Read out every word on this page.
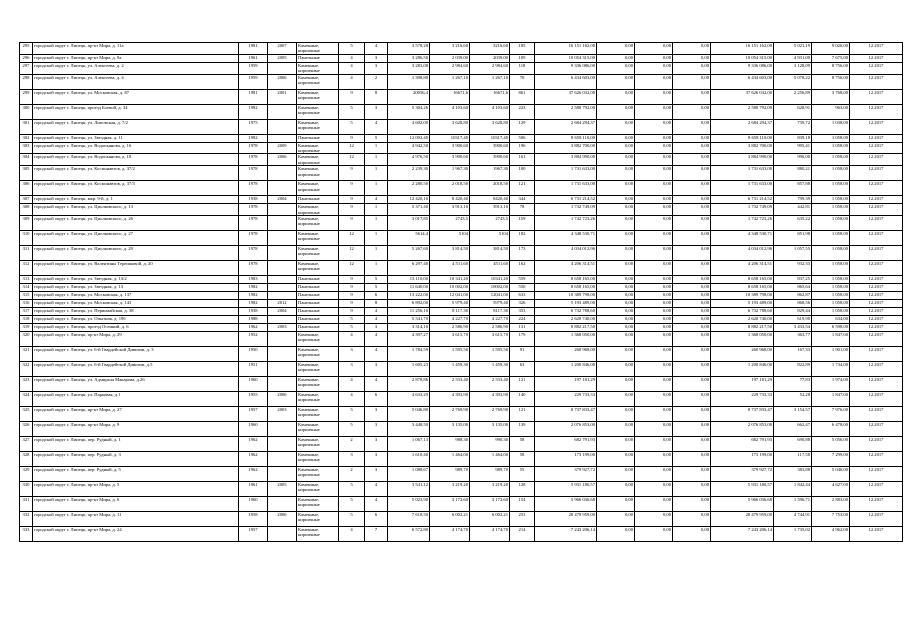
295	городской округ г. Липецк, пр-кт Мира, д. 11а	1981	2007	Каменные, кирпичные	5	4	3 578,28	3 216,60	3216,60	185	16 151 162,00	0,00	0,00	0,00	16 151 162,00	5 021,19	9 026,00	12.2017
296	городской округ г. Липецк, пр-кт Мира, д. 9а	1961	2005	Панельные	4	3	3 286,50	2 039,00	2039,00	109	10 054 315,00	0,00	0,00	0,00	10 054 315,00	4 931,00	7 675,00	12.2017
297	городской округ г. Липецк, ул. Алексеева, д. 2	1959		Каменные, кирпичные	4	3	3 283,08	2 984,60	2 984,60	118	9 336 086,00	0,00	0,00	0,00	9 336 086,00	3 128,09	8 756,00	12.2017
298	городской округ г. Липецк, ул. Алексеева, д. 4	1959	2006	Каменные, кирпичные	4	2	1 398,80	1 267,10	1 267,10	70	6 434 603,00	0,00	0,00	0,00	6 434 603,00	5 078,22	8 756,00	12.2017
299	городской округ г. Липецк, ул. Московская, д. 87	1981	2001	Каменные, кирпичные	9	8	20056,4	16671,6	16671,6	861	37 626 032,00	0,00	0,00	0,00	37 626 032,00	2 256,89	3 768,00	12.2017
300	городской округ г. Липецк, проезд Боевой, д. 34	1982		Каменные, кирпичные	5	3	5 304,26	4 103,60	4 103,60	223	2 580 792,00	0,00	0,00	0,00	2 580 792,00	628,91	963,00	12.2017
301	городской округ г. Липецк, ул. Липовская, д. 7/2	1975		Каменные, кирпичные	5	4	4 602,00	3 628,80	3 628,80	129	2 684 294,37	0,00	0,00	0,00	2 684 294,37	739,72	1 038,00	12.2017
302	городской округ г. Липецк, ул. Звездная, д. 11	1982		Панельные	9	5	12 002,40	10317,40	10317,40	506	8 658 110,00	0,00	0,00	0,00	8 658 110,00	839,18	1 058,00	12.2017
303	городской округ г. Липецк, ул. Водопьянова, д. 16	1978	2009	Каменные, кирпичные	12	1	4 942,50	3 900,60	3900,60	196	3 882 700,00	0,00	0,00	0,00	3 882 700,00	995,41	1 058,00	12.2017
304	городской округ г. Липецк, ул. Водопьянова, д. 18	1978	2006	Каменные, кирпичные	12	1	4 976,50	3 900,60	3900,60	161	3 884 990,00	0,00	0,00	0,00	3 884 990,00	996,00	1 058,00	12.2017
305	городской округ г. Липецк, ул. Космонавтов, д. 37/2	1978		Каменные, кирпичные	9	1	2 239,30	1 967,30	1967,30	100	1 731 633,00	0,00	0,00	0,00	1 731 633,00	880,21	1 058,00	12.2017
306	городской округ г. Липецк, ул. Космонавтов, д. 37/3	1978		Каменные, кирпичные	9	1	2 280,50	2 018,50	2018,50	121	1 731 633,00	0,00	0,00	0,00	1 731 633,00	857,88	1 058,00	12.2017
307	городской округ г. Липецк, мкр. 9-й, д. 1	1938	2004	Панельные	9	4	12 420,10	8 420,40	8420,40	344	6 731 214,52	0,00	0,00	0,00	6 731 214,52	799,39	1 058,00	12.2017
308	городской округ г. Липецк, ул. Циолковского, д. 13	1978		Каменные, кирпичные	9	1	5 371,40	3 913,10	3913,10	78	1 732 749,09	0,00	0,00	0,00	1 732 749,09	442,81	1 058,00	12.2017
309	городской округ г. Липецк, ул. Циолковского, д. 26	1978		Каменные, кирпичные	9	1	3 017,85	2743,5	2743,5	159	1 742 723,26	0,00	0,00	0,00	1 742 723,26	635,22	1 058,00	12.2017
310	городской округ г. Липецк, ул. Циолковского, д. 27	1978		Каменные, кирпичные	12	1	5614,4	5104	5104	182	4 348 530,71	0,00	0,00	0,00	4 348 530,71	851,98	1 058,00	12.2017
311	городской округ г. Липецк, ул. Циолковского, д. 29	1978		Каменные, кирпичные	12	1	5 267,60	3 814,50	3814,50	173	4 034 012,96	0,00	0,00	0,00	4 034 012,96	1 057,55	1 058,00	12.2017
312	городской округ г. Липецк, ул. Валентины Терешковой, д. 20	1978		Каменные, кирпичные	12	1	6 297,40	4 511,60	4511,60	162	4 206 314,51	0,00	0,00	0,00	4 206 314,51	932,33	1 058,00	12.2017
313	городской округ г. Липецк, ул. Звездная, д. 13/2	1983		Панельные	9	5	13 110,00	10 341,20	10341,20	559	8 658 165,00	0,00	0,00	0,00	8 658 165,00	837,25	1 058,00	12.2017
314	городской округ г. Липецк, ул. Звездная, д. 13	1982		Панельные	9	5	11 640,00	10 002,00	10002,00	550	8 658 165,00	0,00	0,00	0,00	8 658 165,00	865,64	1 058,00	12.2017
315	городской округ г. Липецк, ул. Московская, д. 137	1982		Панельные	9	6	13 222,00	12 041,00	12041,00	633	10 389 798,00	0,00	0,00	0,00	10 389 798,00	862,87	1 058,00	12.2017
316	городской округ г. Липецк, ул. Московская, д. 143	1982	2012	Панельные	9	8	6 892,00	5 979,40	5979,40	326	5 193 489,00	0,00	0,00	0,00	5 193 489,00	868,56	1 058,00	12.2017
317	городской округ г. Липецк, ул. Первомайская, д. 38	1938	2004	Панельные	9	4	11 256,10	8 117,30	8117,30	353	6 732 788,60	0,00	0,00	0,00	6 732 788,60	829,44	1 058,00	12.2017
318	городской округ г. Липецк, ул. Опытная, д. 19б	1988		Панельные	5	4	5 541,70	4 227,70	4 227,70	224	2 620 740,00	0,00	0,00	0,00	2 620 740,00	619,90	634,00	12.2017
319	городской округ г. Липецк, проезд Осенний, д. 6	1962	2003	Панельные	5	3	3 314,10	2 586,90	2 586,90	131	8 882 217,50	0,00	0,00	0,00	8 882 217,50	3 433,54	6 598,00	12.2017
320	городской округ г. Липецк, пр-кт Мира, д. 29	1952		Каменные, кирпичные	4	4	4 397,27	3 615,70	3 615,70	179	1 368 050,00	0,00	0,00	0,00	1 368 050,00	363,77	1 847,00	12.2017
321	городской округ г. Липецк, ул. 6-й Гвардейской Дивизии, д. 3	1950		Каменные, кирпичные	3	4	1 784,59	1 595,50	1 595,50	91	260 968,00	0,00	0,00	0,00	260 968,00	167,33	1 901,00	12.2017
322	городской округ г. Липецк, ул. 6-й Гвардейской Дивизии, д.5	1951		Каменные, кирпичные	3	3	1 605,23	1 459,30	1 459,30	63	1 200 846,00	0,00	0,00	0,00	1 200 846,00	822,89	1 734,00	12.2017
323	городской округ г. Липецк, ул. Адмирала Макарова, д.26	1960		Каменные, кирпичные	4	4	2 878,86	2 533,40	2 533,40	121	197 181,29	0,00	0,00	0,00	197 181,29	77,83	1 974,00	12.2017
324	городской округ г. Липецк, ул. Парковая, д.1	1955	2006	Каменные, кирпичные	4	6	4 633,29	4 393,90	4 393,90	140	229 733,33	0,00	0,00	0,00	229 733,33	52,28	1 847,00	12.2017
325	городской округ г. Липецк, пр-кт Мира, д. 27	1957	2003	Каменные, кирпичные	5	3	5 046,80	2 769,90	2 769,90	121	8 737 833,47	0,00	0,00	0,00	8 737 833,47	3 154,57	7 976,00	12.2017
326	городской округ г. Липецк, пр-кт Мира, д. 9	1960		Каменные, кирпичные	5	3	3 448,50	3 135,00	3 135,00	139	2 076 853,00	0,00	0,00	0,00	2 076 853,00	662,47	6 478,00	12.2017
327	городской округ г. Липецк, пер. Рудный, д. 1	1962		Каменные, кирпичные	2	3	1 067,13	988,30	990,30	58	682 791,93	0,00	0,00	0,00	682 791,93	690,88	5 056,00	12.2017
328	городской округ г. Липецк, пер. Рудный, д. 3	1962		Каменные, кирпичные	3	3	1 610,40	1 464,00	1 464,00	58	173 199,00	0,00	0,00	0,00	173 199,00	117,58	7 299,00	12.2017
329	городской округ г. Липецк, пер. Рудный, д. 5	1962		Каменные, кирпичные	2	3	1 088,67	989,70	989,70	55	379 927,72	0,00	0,00	0,00	379 927,72	383,88	5 046,00	12.2017
330	городской округ г. Липецк, пр-кт Мира, д. 5	1961	2005	Каменные, кирпичные	5	4	3 541,12	3 219,20	3 219,20	128	5 931 180,57	0,00	0,00	0,00	5 931 180,57	1 842,44	4 627,00	12.2017
331	городской округ г. Липецк, пр-кт Мира, д. 6	1960		Каменные, кирпичные	5	4	5 023,90	3 172,60	3 172,60	154	5 966 036,68	0,00	0,00	0,00	5 966 036,68	1 596,71	2 883,00	12.2017
332	городской округ г. Липецк, пр-кт Мира, д. 11	1958	2006	Каменные, кирпичные	5	6	7 618,50	6 002,21	6 002,21	253	28 479 959,00	0,00	0,00	0,00	28 479 959,00	4 744,91	7 753,00	12.2017
333	городской округ г. Липецк, пр-кт Мира, д. 24	1957		Каменные, кирпичные	4	7	6 572,80	4 174,70	4 174,70	214	7 243 206,14	0,00	0,00	0,00	7 243 206,14	1 735,02	4 962,00	12.2017
